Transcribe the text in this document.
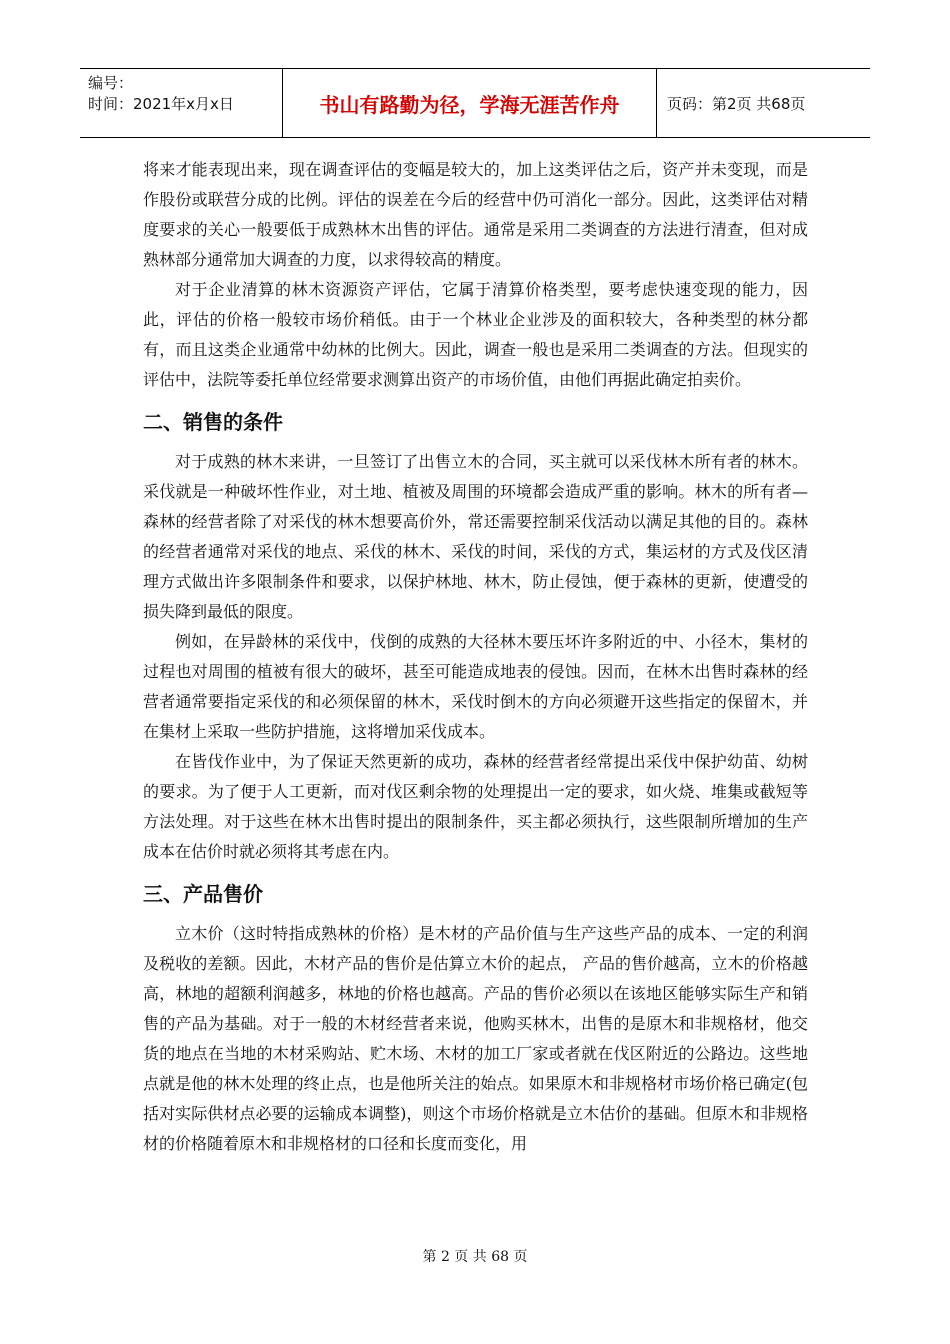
编号：
时间：2021年x月x日	书山有路勤为径，学海无涯苦作舟	页码：第2页 共68页

将来才能表现出来，现在调查评估的变幅是较大的，加上这类评估之后，资产并未变现，而是作股份或联营分成的比例。评估的误差在今后的经营中仍可消化一部分。因此，这类评估对精度要求的关心一般要低于成熟林木出售的评估。通常是采用二类调查的方法进行清查，但对成熟林部分通常加大调查的力度，以求得较高的精度。

对于企业清算的林木资源资产评估，它属于清算价格类型，要考虑快速变现的能力，因此，评估的价格一般较市场价稍低。由于一个林业企业涉及的面积较大，各种类型的林分都有，而且这类企业通常中幼林的比例大。因此，调查一般也是采用二类调查的方法。但现实的评估中，法院等委托单位经常要求测算出资产的市场价值，由他们再据此确定拍卖价。

二、销售的条件

对于成熟的林木来讲，一旦签订了出售立木的合同，买主就可以采伐林木所有者的林木。采伐就是一种破坏性作业，对土地、植被及周围的环境都会造成严重的影响。林木的所有者—森林的经营者除了对采伐的林木想要高价外，常还需要控制采伐活动以满足其他的目的。森林的经营者通常对采伐的地点、采伐的林木、采伐的时间，采伐的方式，集运材的方式及伐区清理方式做出许多限制条件和要求，以保护林地、林木，防止侵蚀，便于森林的更新，使遭受的损失降到最低的限度。

例如，在异龄林的采伐中，伐倒的成熟的大径林木要压坏许多附近的中、小径木，集材的过程也对周围的植被有很大的破坏，甚至可能造成地表的侵蚀。因而，在林木出售时森林的经营者通常要指定采伐的和必须保留的林木，采伐时倒木的方向必须避开这些指定的保留木，并在集材上采取一些防护措施，这将增加采伐成本。

在皆伐作业中，为了保证天然更新的成功，森林的经营者经常提出采伐中保护幼苗、幼树的要求。为了便于人工更新，而对伐区剩余物的处理提出一定的要求，如火烧、堆集或截短等方法处理。对于这些在林木出售时提出的限制条件，买主都必须执行，这些限制所增加的生产成本在估价时就必须将其考虑在内。

三、产品售价

立木价（这时特指成熟林的价格）是木材的产品价值与生产这些产品的成本、一定的利润及税收的差额。因此，木材产品的售价是估算立木价的起点， 产品的售价越高，立木的价格越高，林地的超额利润越多，林地的价格也越高。产品的售价必须以在该地区能够实际生产和销售的产品为基础。对于一般的木材经营者来说，他购买林木，出售的是原木和非规格材，他交货的地点在当地的木材采购站、贮木场、木材的加工厂家或者就在伐区附近的公路边。这些地点就是他的林木处理的终止点，也是他所关注的始点。如果原木和非规格材市场价格已确定(包括对实际供材点必要的运输成本调整)，则这个市场价格就是立木估价的基础。但原木和非规格材的价格随着原木和非规格材的口径和长度而变化，用

第 2 页 共 68 页
